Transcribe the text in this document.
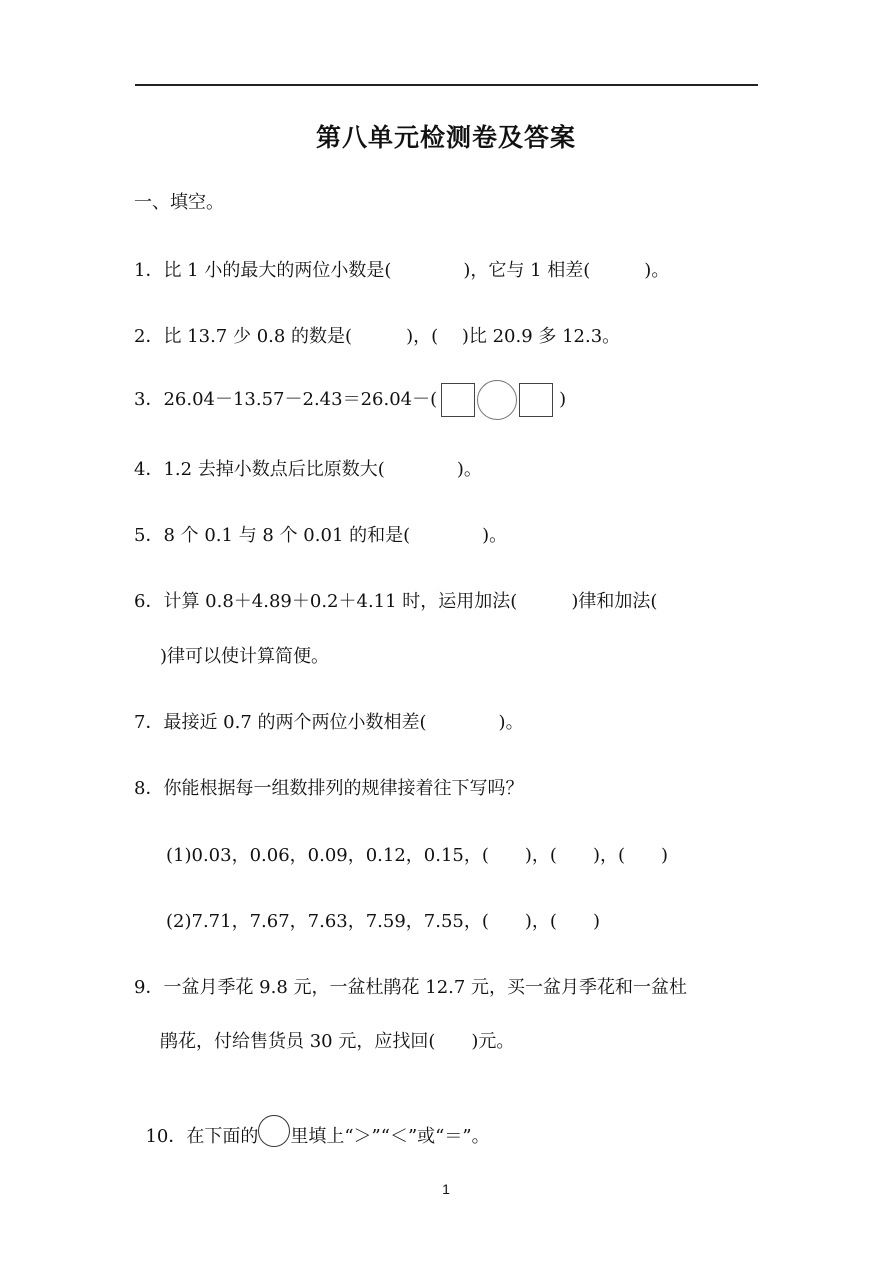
第八单元检测卷及答案
一、填空。
1．比 1 小的最大的两位小数是(　　　　)，它与 1 相差(　　　)。
2．比 13.7 少 0.8 的数是(　　　)，(　 )比 20.9 多 12.3。
3．26.04－13.57－2.43＝26.04－(	)
4．1.2 去掉小数点后比原数大(　　　　)。
5．8 个 0.1 与 8 个 0.01 的和是(　　　　)。
6．计算 0.8＋4.89＋0.2＋4.11 时，运用加法(　　　)律和加法(
)律可以使计算简便。
7．最接近 0.7 的两个两位小数相差(　　　　)。
8．你能根据每一组数排列的规律接着往下写吗？
(1)0.03，0.06，0.09，0.12，0.15，(　　)，(　　)，(　　)
(2)7.71，7.67，7.63，7.59，7.55，(　　)，(　　)
9．一盆月季花 9.8 元，一盆杜鹃花 12.7 元，买一盆月季花和一盆杜
鹃花，付给售货员 30 元，应找回(　　)元。

10．在下面的 里填上“＞”“＜”或“＝”。

1
